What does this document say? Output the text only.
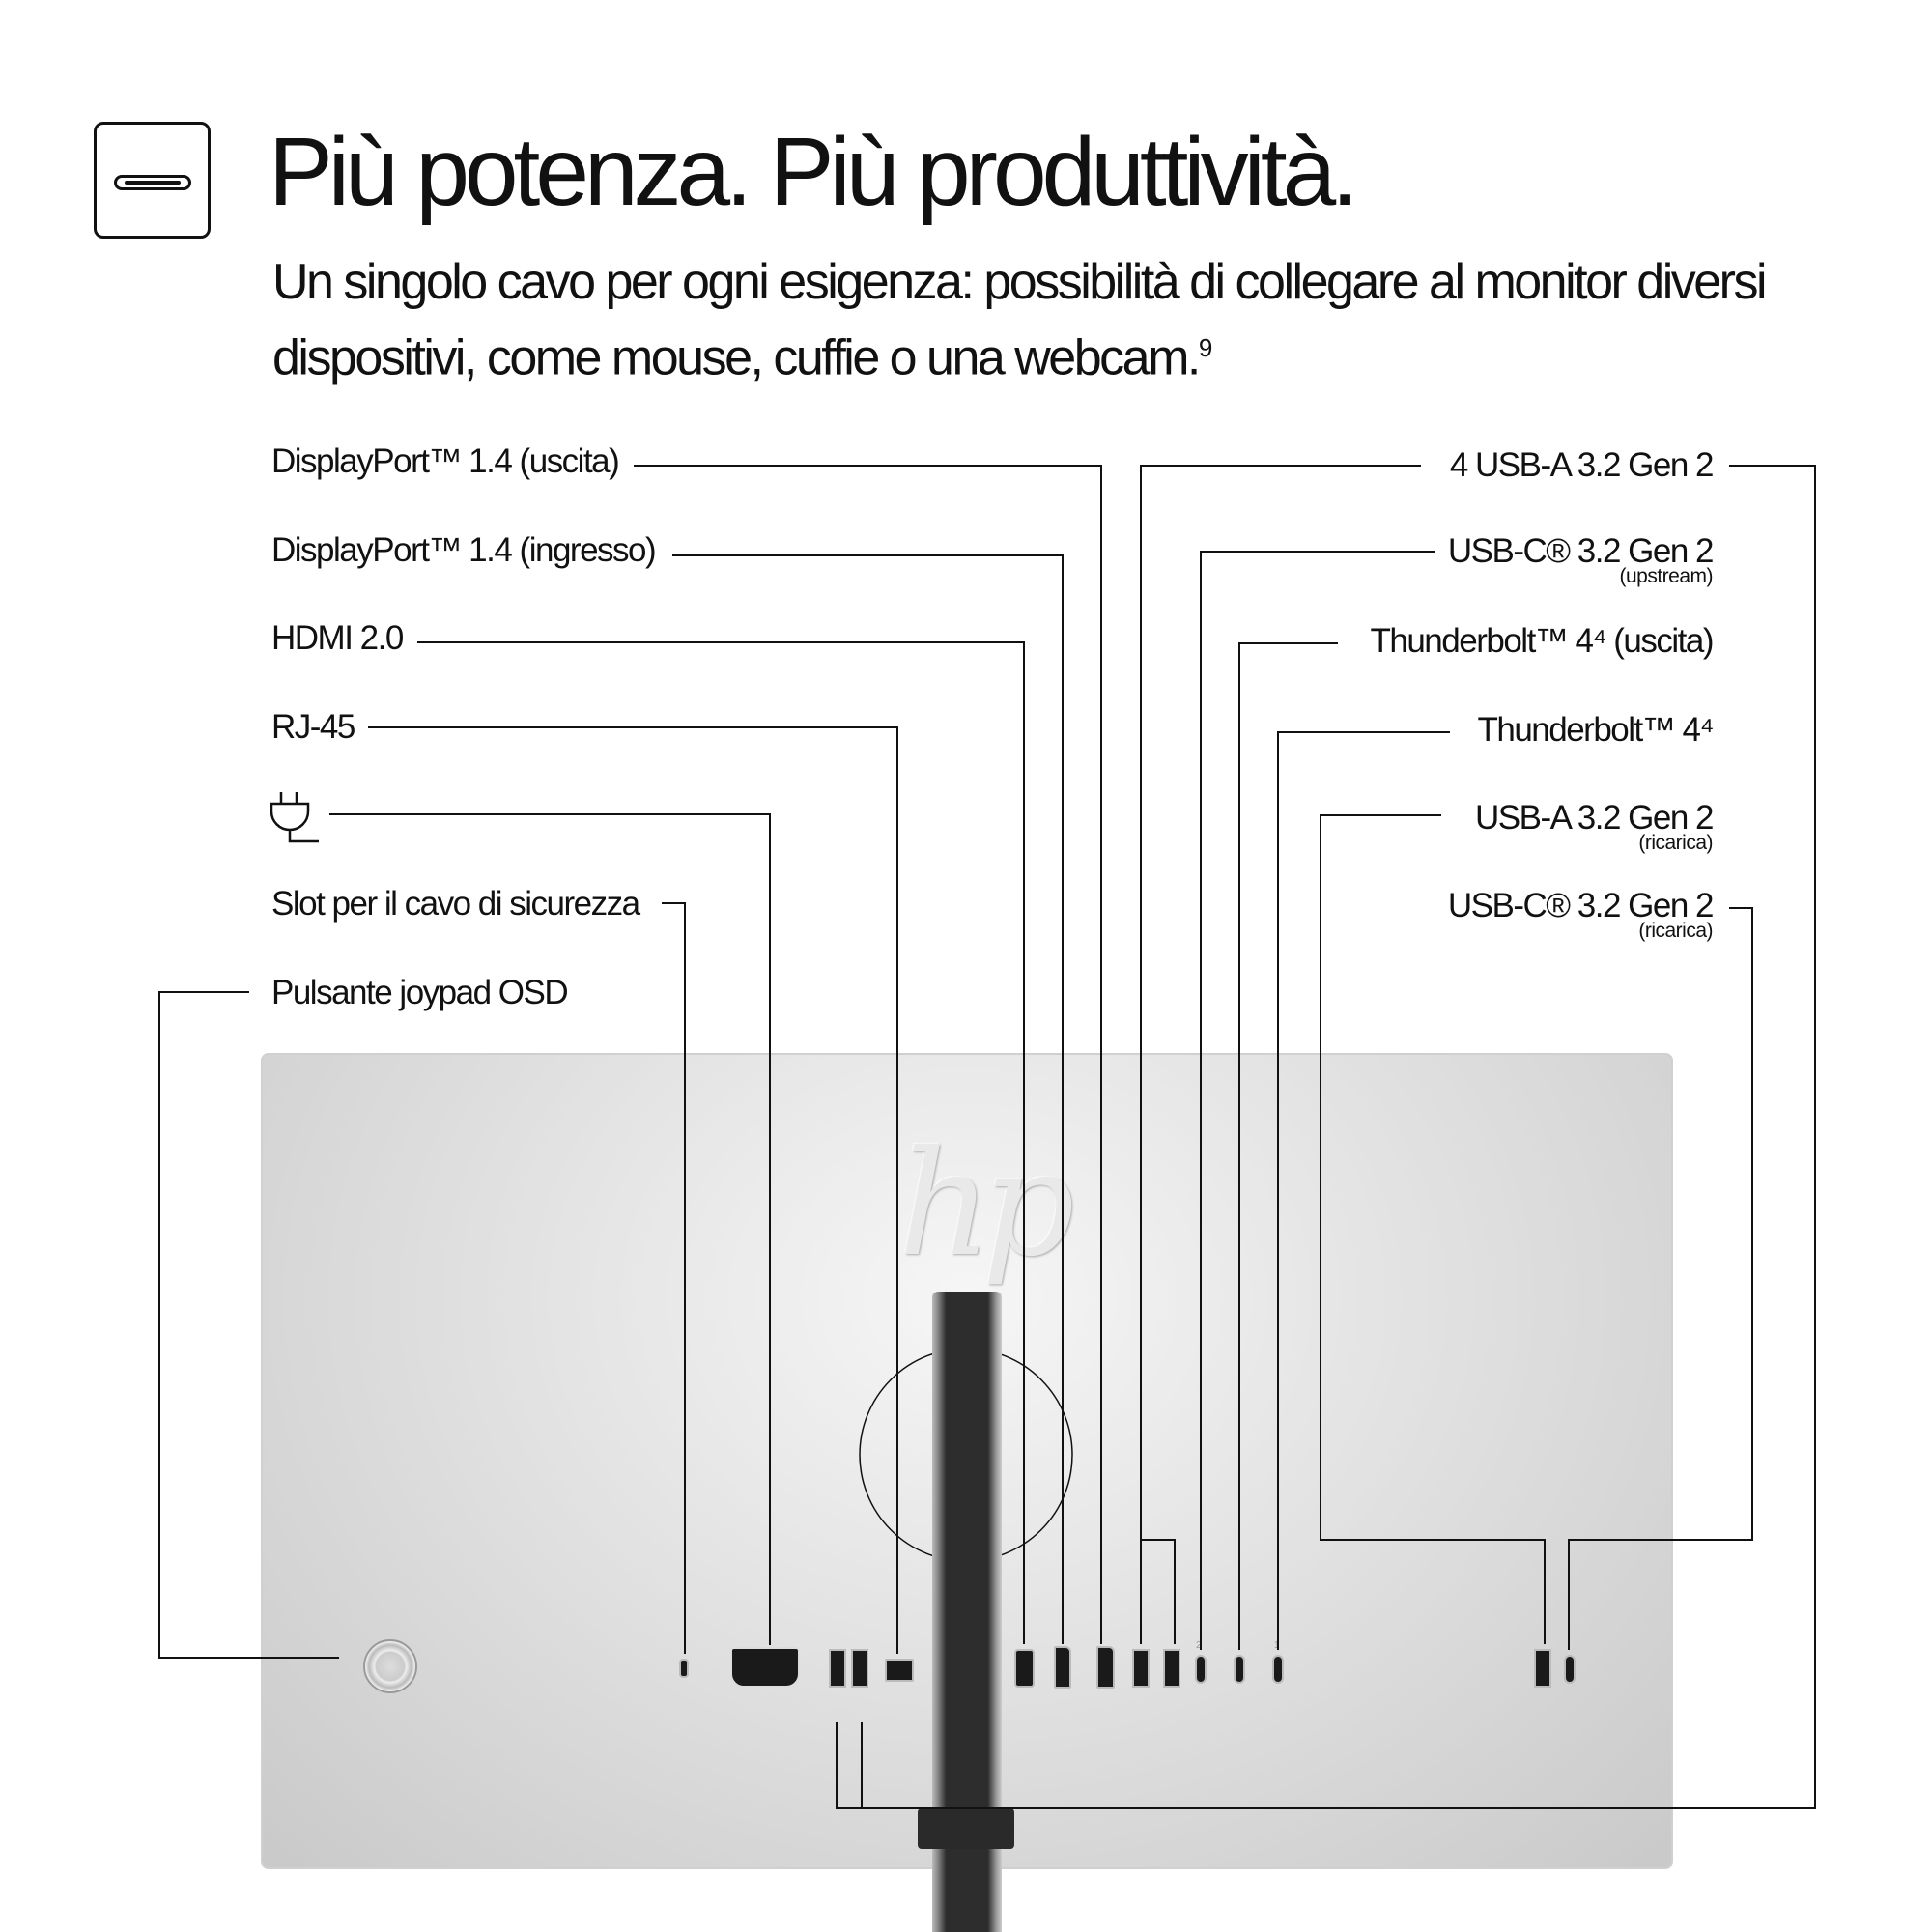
Più potenza. Più produttività.
Un singolo cavo per ogni esigenza: possibilità di collegare al monitor diversi dispositivi, come mouse, cuffie o una webcam.$^9$
DisplayPort™ 1.4 (uscita)
DisplayPort™ 1.4 (ingresso)
HDMI 2.0
RJ-45
Slot per il cavo di sicurezza
Pulsante joypad OSD
4 USB-A 3.2 Gen 2
USB-C® 3.2 Gen 2
(upstream)
Thunderbolt™ 4⁴ (uscita)
Thunderbolt™ 4⁴
USB-A 3.2 Gen 2
(ricarica)
USB-C® 3.2 Gen 2
(ricarica)
hp
2	1
